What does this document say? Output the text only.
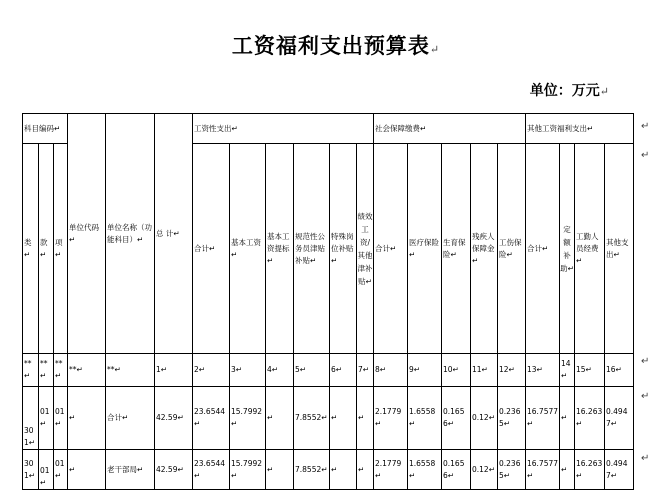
工资福利支出预算表↵
单位：万元↵
科目编码↵			单位代码↵	单位名称（功能科目）↵	总 计↵	工资性支出↵						社会保障缴费↵					其他工资福利支出↵			
类↵	款↵	项↵				合计↵	基本工资↵	基本工资提标↵	规范性公务员津贴补贴↵	特殊岗位补贴↵	绩效工资/其他津补贴↵	合计↵	医疗保险↵	生育保险↵	残疾人保障金↵	工伤保险↵	合计↵	定额补助↵	工勤人员经费↵	其他支出↵
**↵	**↵	**↵	**↵	**↵	1↵	2↵	3↵	4↵	5↵	6↵	7↵	8↵	9↵	10↵	11↵	12↵	13↵	14↵	15↵	16↵
301↵	01↵	01↵	↵	合计↵	42.59↵	23.6544↵	15.7992↵	↵	7.8552↵	↵	↵	2.1779↵	1.6558↵	0.1656↵	0.12↵	0.2365↵	16.7577↵	↵	16.263↵	0.4947↵
301↵	01↵	01↵	↵	老干部局↵	42.59↵	23.6544↵	15.7992↵	↵	7.8552↵	↵	↵	2.1779↵	1.6558↵	0.1656↵	0.12↵	0.2365↵	16.7577↵	↵	16.263↵	0.4947↵
↵
↵
↵
↵
↵
